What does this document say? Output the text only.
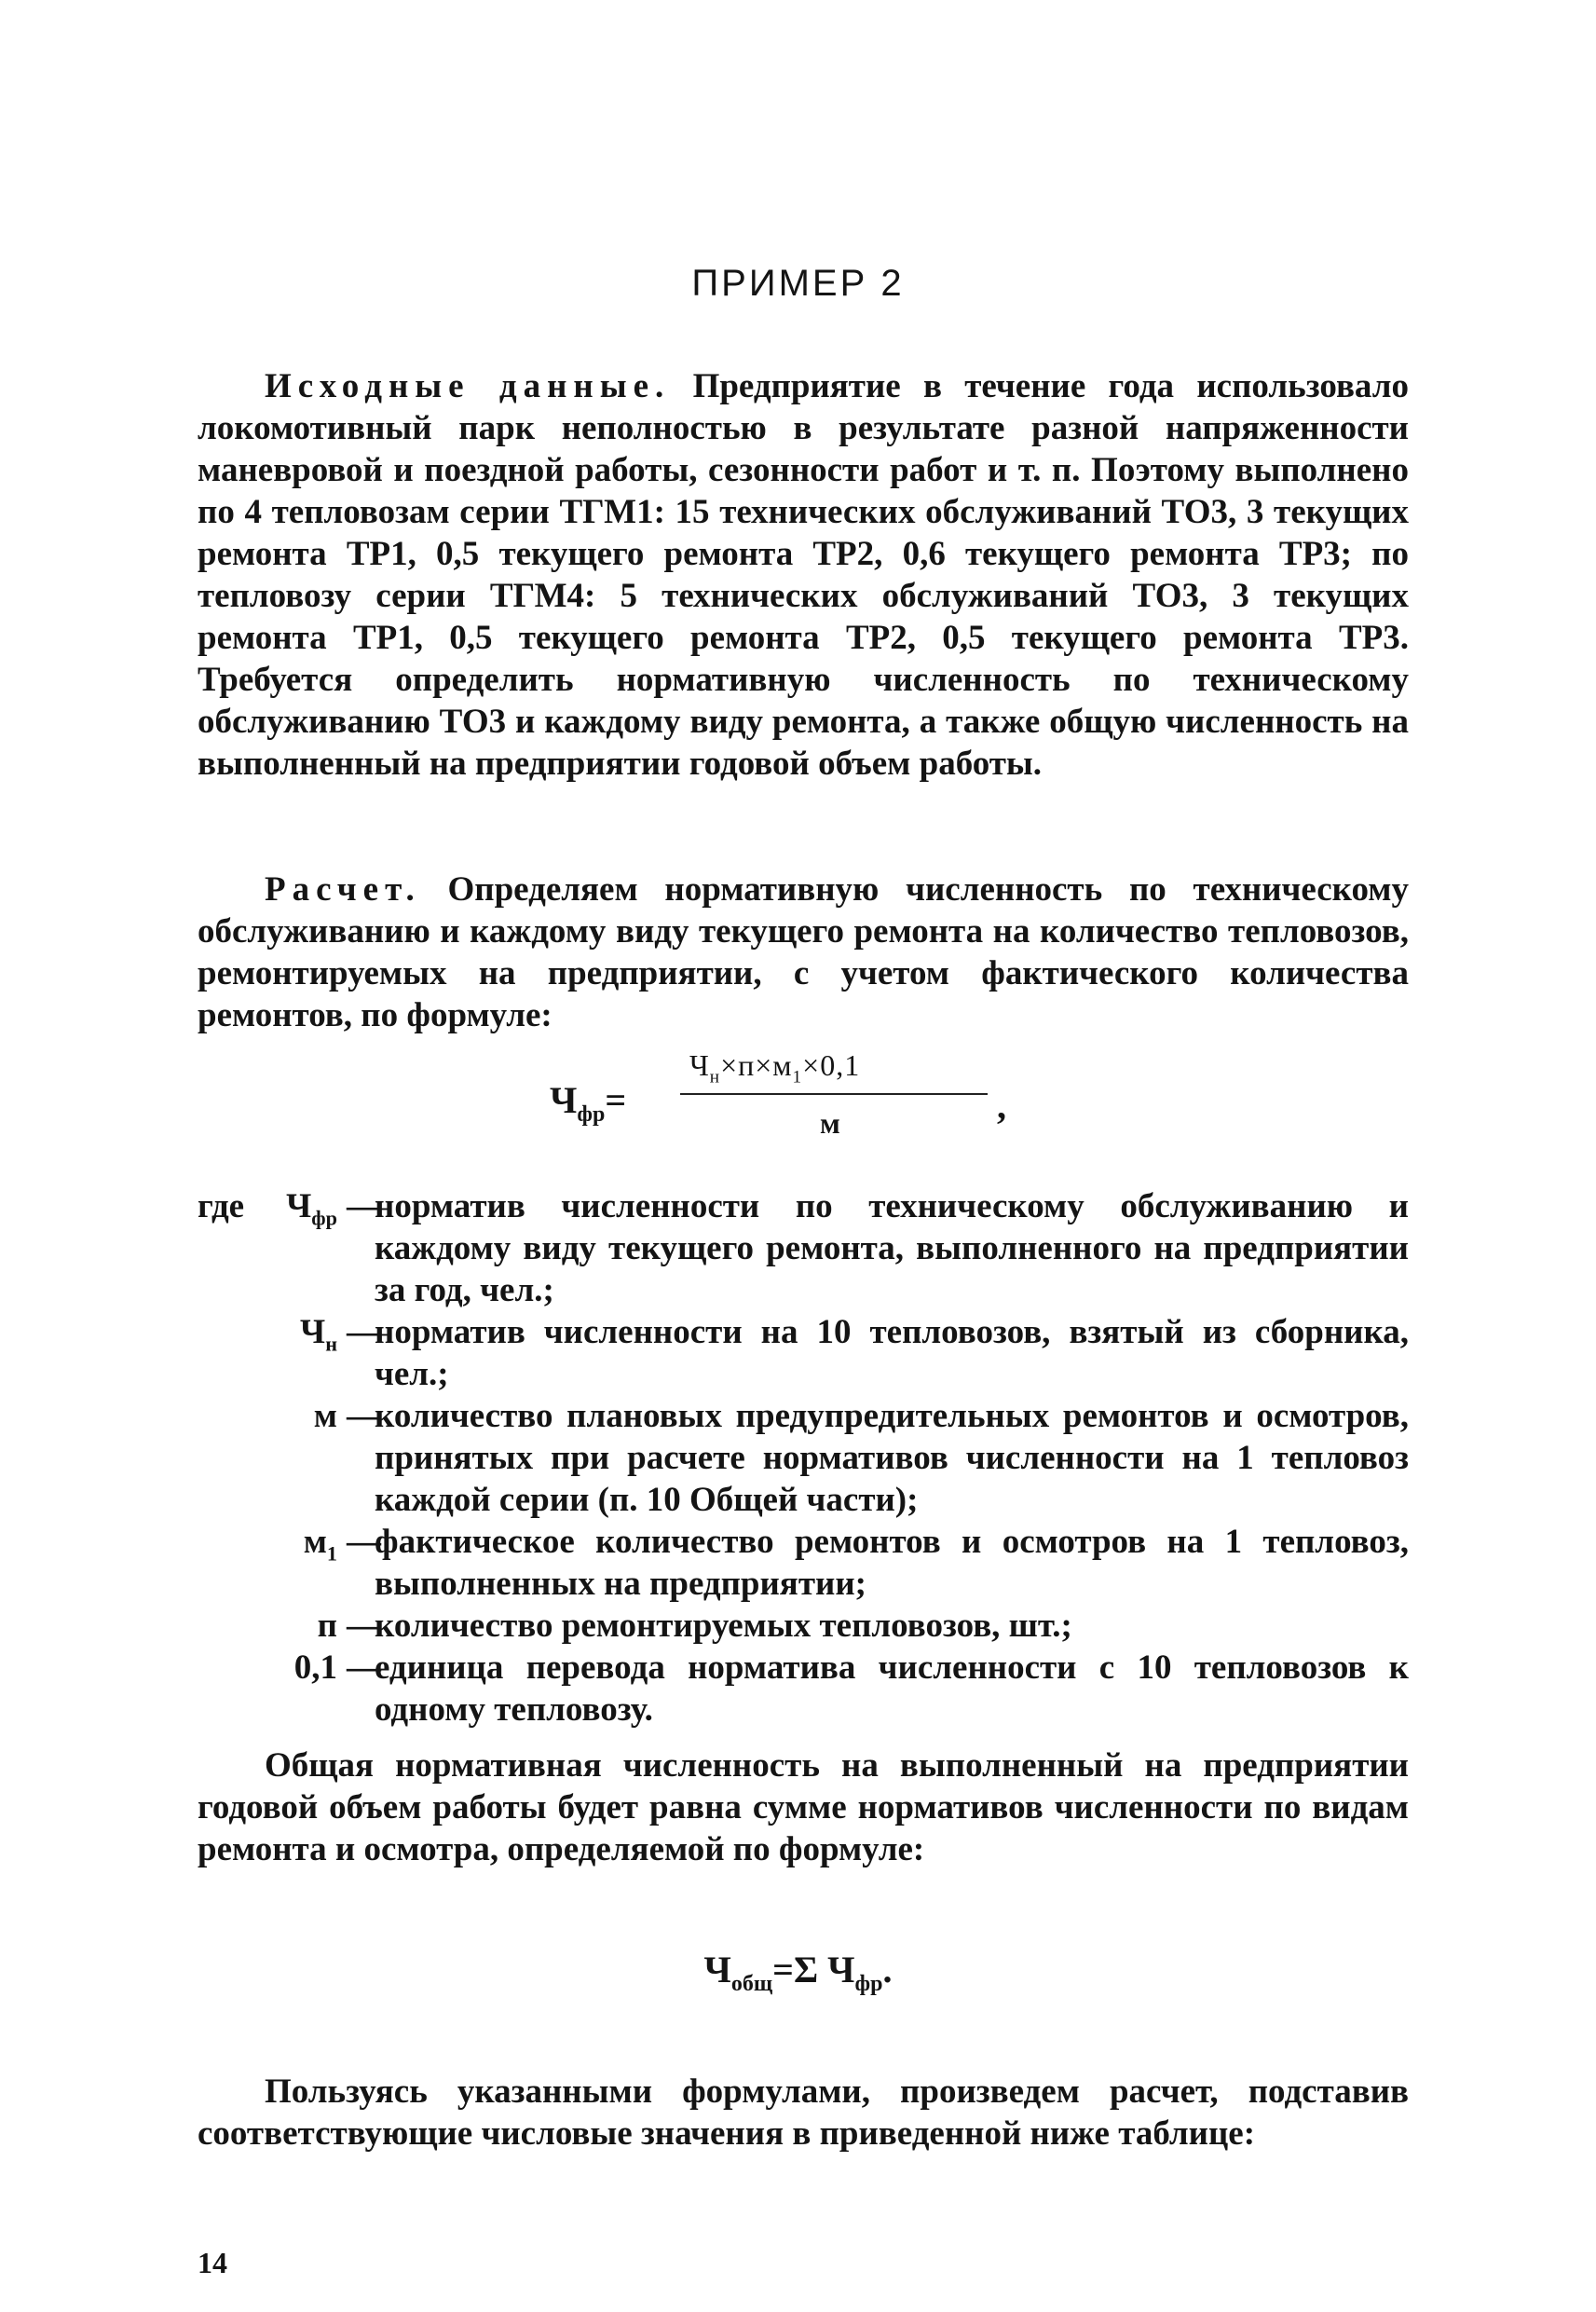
ПРИМЕР 2

Исходные данные. Предприятие в течение года использовало локомотивный парк неполностью в результате разной напряженности маневровой и поездной работы, сезонности работ и т. п. Поэтому выполнено по 4 тепловозам серии ТГМ1: 15 технических обслуживаний ТО3, 3 текущих ремонта ТР1, 0,5 текущего ремонта ТР2, 0,6 текущего ремонта ТР3; по тепловозу серии ТГМ4: 5 технических обслуживаний ТО3, 3 текущих ремонта ТР1, 0,5 текущего ремонта ТР2, 0,5 текущего ремонта ТР3. Требуется определить нормативную численность по техническому обслуживанию ТО3 и каждому виду ремонта, а также общую численность на выполненный на предприятии годовой объем работы.

Расчет. Определяем нормативную численность по техническому обслуживанию и каждому виду текущего ремонта на количество тепловозов, ремонтируемых на предприятии, с учетом фактического количества ремонтов, по формуле:

$Ч_{фр}=$
$Ч_н\times п\times м_1\times 0,1$
м	,
где	$Ч_{фр}$ —
норматив численности по техническому обслуживанию и каждому виду текущего ремонта, выполненного на предприятии за год, чел.;
$Ч_н$ —
норматив численности на 10 тепловозов, взятый из сборника, чел.;
м —
количество плановых предупредительных ремонтов и осмотров, принятых при расчете нормативов численности на 1 тепловоз каждой серии (п. 10 Общей части);
$м_1$ —
фактическое количество ремонтов и осмотров на 1 тепловоз, выполненных на предприятии;
п —
количество ремонтируемых тепловозов, шт.;
0,1 —
единица перевода норматива численности с 10 тепловозов к одному тепловозу.

Общая нормативная численность на выполненный на предприятии годовой объем работы будет равна сумме нормативов численности по видам ремонта и осмотра, определяемой по формуле:

$Ч_{общ}=\Sigma$ $Ч_{фр}$.

Пользуясь указанными формулами, произведем расчет, подставив соответствующие числовые значения в приведенной ниже таблице:

14
